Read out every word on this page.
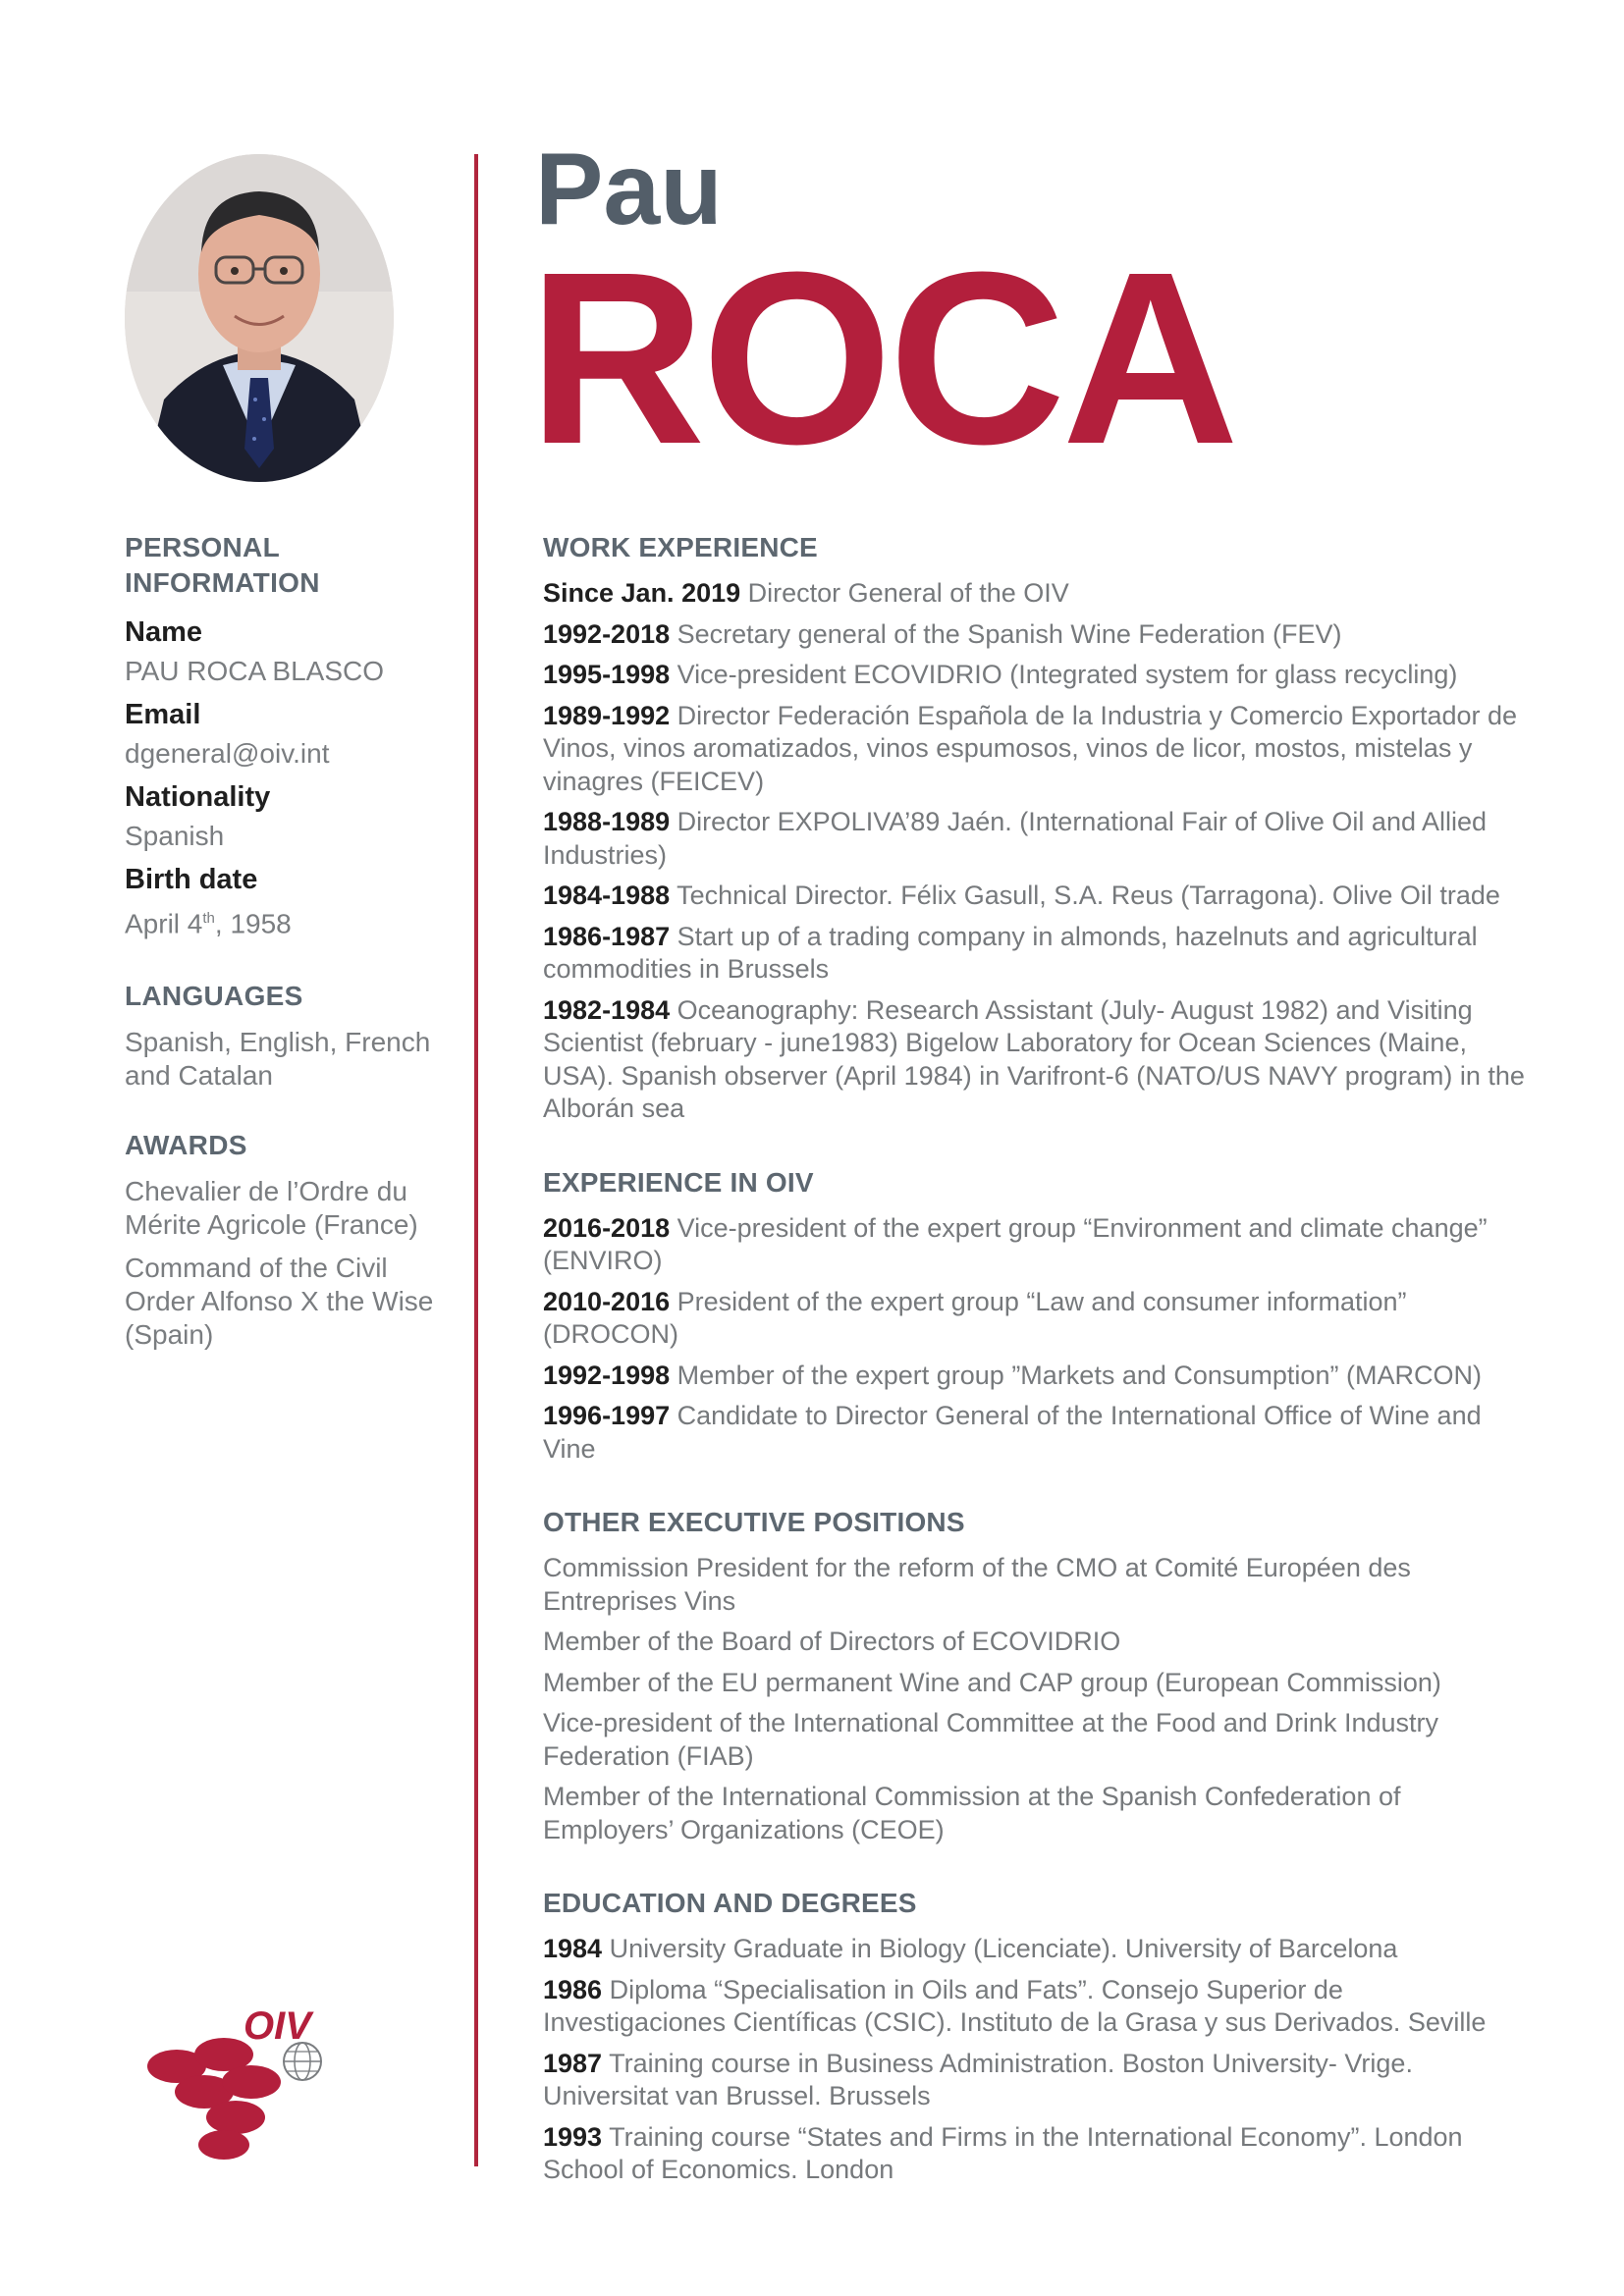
Pau
ROCA
PERSONAL INFORMATION

Name

PAU ROCA BLASCO

Email

dgeneral@oiv.int

Nationality

Spanish

Birth date

April 4th, 1958

LANGUAGES

Spanish, English, French and Catalan

AWARDS

Chevalier de l’Ordre du Mérite Agricole (France)

Command of the Civil Order Alfonso X the Wise (Spain)

WORK EXPERIENCE

Since Jan. 2019 Director General of the OIV

1992-2018 Secretary general of the Spanish Wine Federation (FEV)

1995-1998 Vice-president ECOVIDRIO (Integrated system for glass recycling)

1989-1992 Director Federación Española de la Industria y Comercio Exportador de Vinos, vinos aromatizados, vinos espumosos, vinos de licor, mostos, mistelas y vinagres (FEICEV)

1988-1989 Director EXPOLIVA’89 Jaén. (International Fair of Olive Oil and Allied Industries)

1984-1988 Technical Director. Félix Gasull, S.A. Reus (Tarragona). Olive Oil trade

1986-1987 Start up of a trading company in almonds, hazelnuts and agricultural commodities in Brussels

1982-1984 Oceanography: Research Assistant (July- August 1982) and Visiting Scientist (february - june1983) Bigelow Laboratory for Ocean Sciences (Maine, USA). Spanish observer (April 1984) in Varifront-6 (NATO/US NAVY program) in the Alborán sea

EXPERIENCE IN OIV

2016-2018 Vice-president of the expert group “Environment and climate change” (ENVIRO)

2010-2016 President of the expert group “Law and consumer information” (DROCON)

1992-1998 Member of the expert group ”Markets and Consumption” (MARCON)

1996-1997 Candidate to Director General of the International Office of Wine and Vine

OTHER EXECUTIVE POSITIONS

Commission President for the reform of the CMO at Comité Européen des Entreprises Vins

Member of the Board of Directors of ECOVIDRIO

Member of the EU permanent Wine and CAP group (European Commission)

Vice-president of the International Committee at the Food and Drink Industry Federation (FIAB)

Member of the International Commission at the Spanish Confederation of Employers’ Organizations (CEOE)

EDUCATION AND DEGREES

1984 University Graduate in Biology (Licenciate). University of Barcelona

1986 Diploma “Specialisation in Oils and Fats”. Consejo Superior de Investigaciones Científicas (CSIC). Instituto de la Grasa y sus Derivados. Seville

1987 Training course in Business Administration. Boston University- Vrige. Universitat van Brussel. Brussels

1993 Training course “States and Firms in the International Economy”. London School of Economics. London

OIV
